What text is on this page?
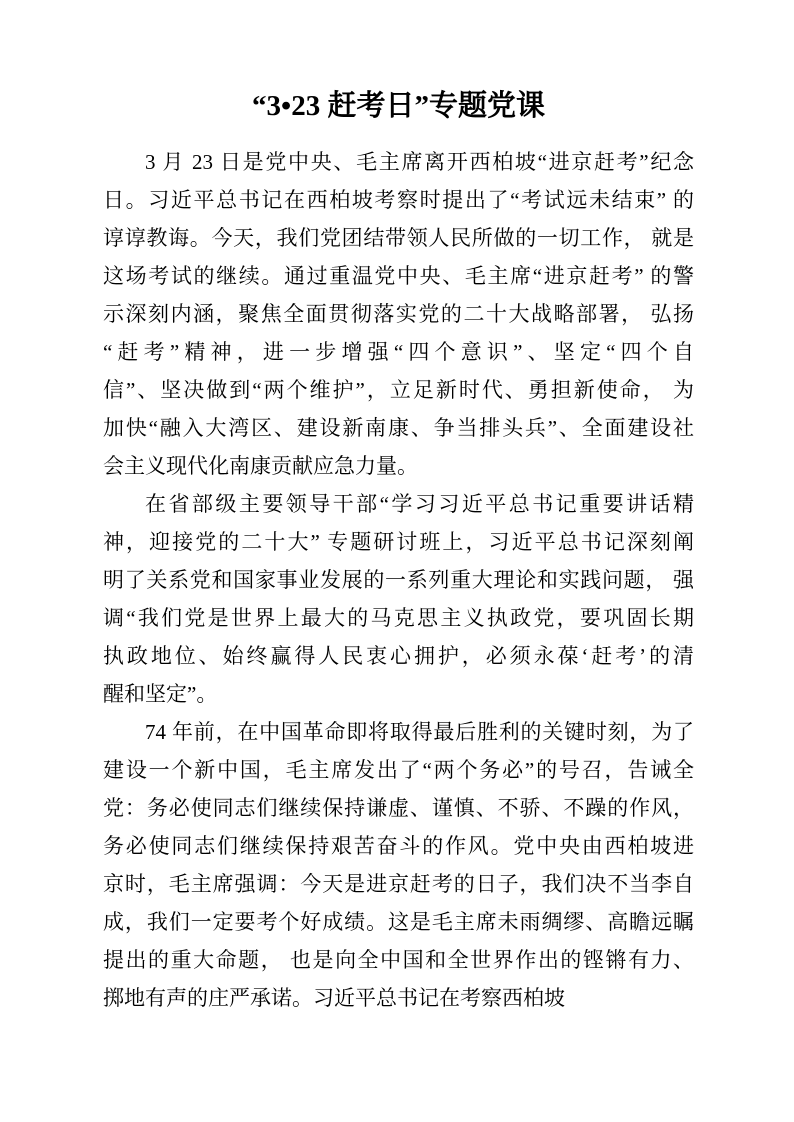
“3•23 赶考日”专题党课
3 月 23 日是党中央、毛主席离开西柏坡“进京赶考”纪念
日。习近平总书记在西柏坡考察时提出了“考试远未结束” 的
谆谆教诲。今天，我们党团结带领人民所做的一切工作， 就是
这场考试的继续。通过重温党中央、毛主席“进京赶考” 的警
示深刻内涵，聚焦全面贯彻落实党的二十大战略部署， 弘扬
“赶考”精神，进一步增强“四个意识”、坚定“四个自
信”、坚决做到“两个维护”，立足新时代、勇担新使命， 为
加快“融入大湾区、建设新南康、争当排头兵”、全面建设社
会主义现代化南康贡献应急力量。
在省部级主要领导干部“学习习近平总书记重要讲话精
神，迎接党的二十大” 专题研讨班上，习近平总书记深刻阐
明了关系党和国家事业发展的一系列重大理论和实践问题， 强
调“我们党是世界上最大的马克思主义执政党，要巩固长期
执政地位、始终赢得人民衷心拥护，必须永葆‘赶考’的清
醒和坚定”。
74 年前，在中国革命即将取得最后胜利的关键时刻，为了
建设一个新中国，毛主席发出了“两个务必”的号召，告诫全
党：务必使同志们继续保持谦虚、谨慎、不骄、不躁的作风，
务必使同志们继续保持艰苦奋斗的作风。党中央由西柏坡进
京时，毛主席强调：今天是进京赶考的日子，我们决不当李自
成，我们一定要考个好成绩。这是毛主席未雨绸缪、高瞻远瞩
提出的重大命题， 也是向全中国和全世界作出的铿锵有力、
掷地有声的庄严承诺。习近平总书记在考察西柏坡
